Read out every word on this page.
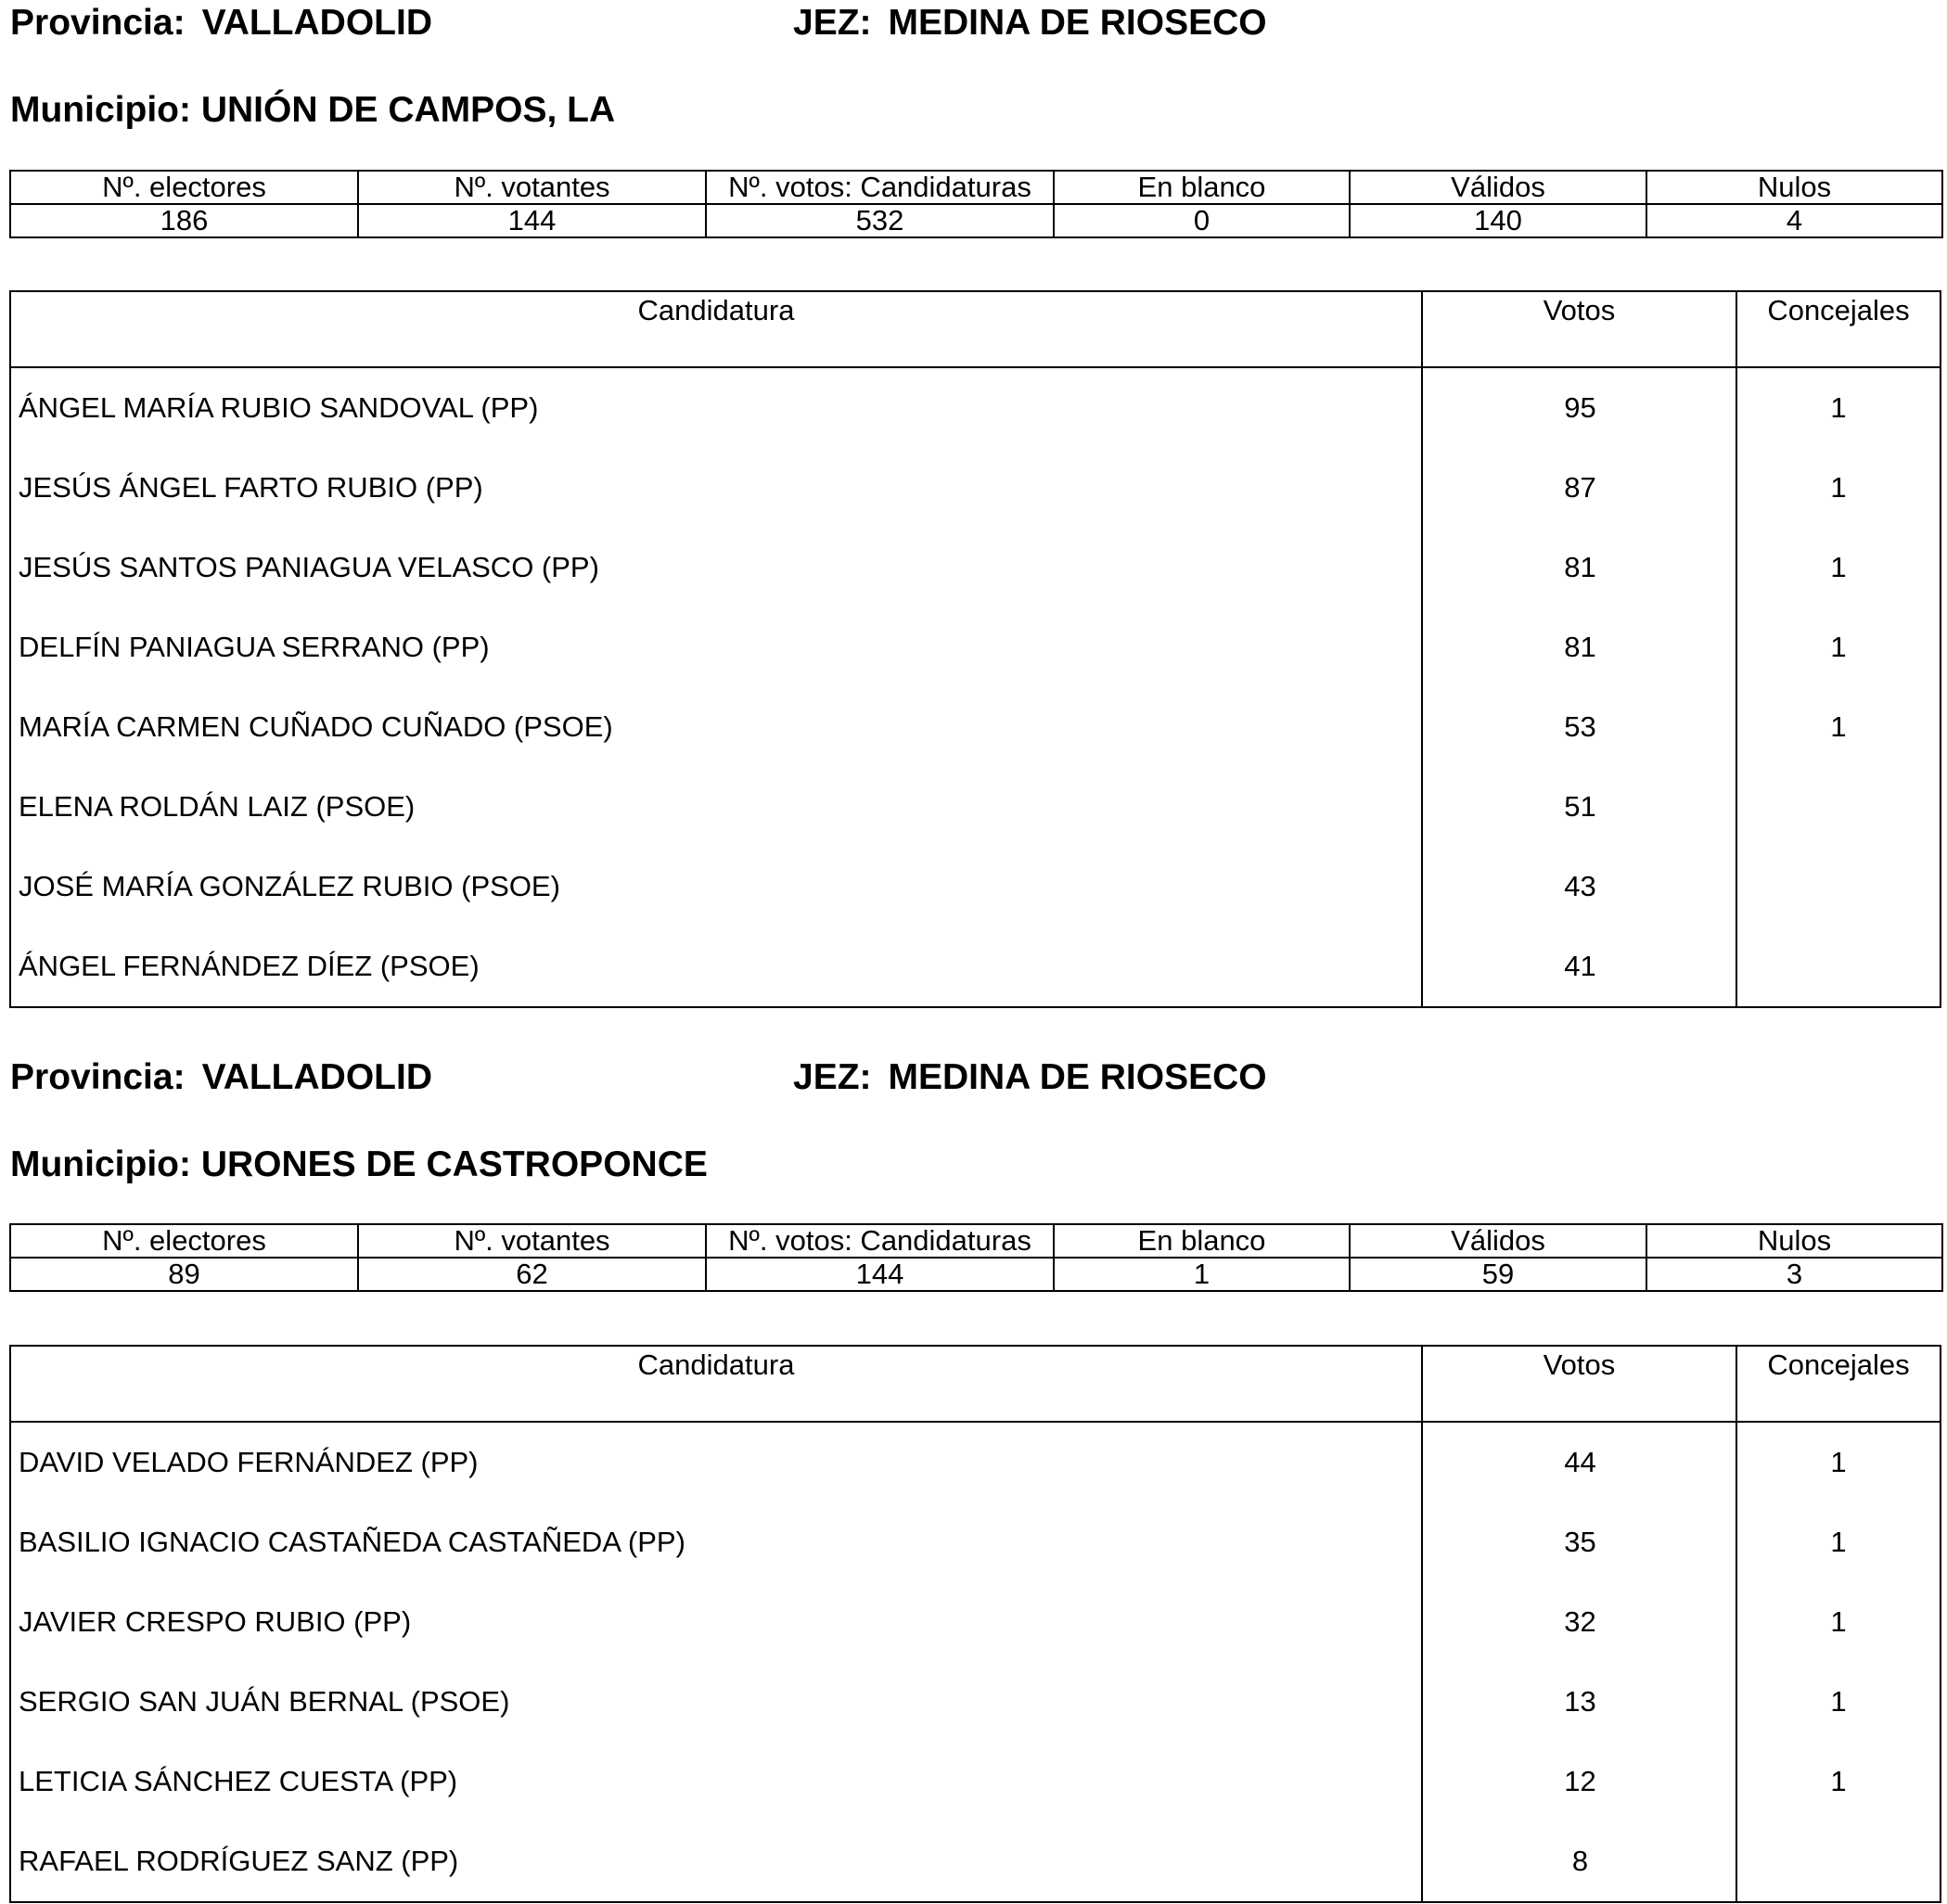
Provincia: VALLADOLID	JEZ: MEDINA DE RIOSECO
Municipio: UNIÓN DE CAMPOS, LA
Nº. electores	Nº. votantes	Nº. votos: Candidaturas	En blanco	Válidos	Nulos
186	144	532	0	140	4
Candidatura	Votos	Concejales
ÁNGEL MARÍA RUBIO SANDOVAL (PP)	95	1
JESÚS ÁNGEL FARTO RUBIO (PP)	87	1
JESÚS SANTOS PANIAGUA VELASCO (PP)	81	1
DELFÍN PANIAGUA SERRANO (PP)	81	1
MARÍA CARMEN CUÑADO CUÑADO (PSOE)	53	1
ELENA ROLDÁN LAIZ (PSOE)	51
JOSÉ MARÍA GONZÁLEZ RUBIO (PSOE)	43
ÁNGEL FERNÁNDEZ DÍEZ (PSOE)	41
Provincia: VALLADOLID	JEZ: MEDINA DE RIOSECO
Municipio: URONES DE CASTROPONCE
Nº. electores	Nº. votantes	Nº. votos: Candidaturas	En blanco	Válidos	Nulos
89	62	144	1	59	3
Candidatura	Votos	Concejales
DAVID VELADO FERNÁNDEZ (PP)	44	1
BASILIO IGNACIO CASTAÑEDA CASTAÑEDA (PP)	35	1
JAVIER CRESPO RUBIO (PP)	32	1
SERGIO SAN JUÁN BERNAL (PSOE)	13	1
LETICIA SÁNCHEZ CUESTA (PP)	12	1
RAFAEL RODRÍGUEZ SANZ (PP)	8
